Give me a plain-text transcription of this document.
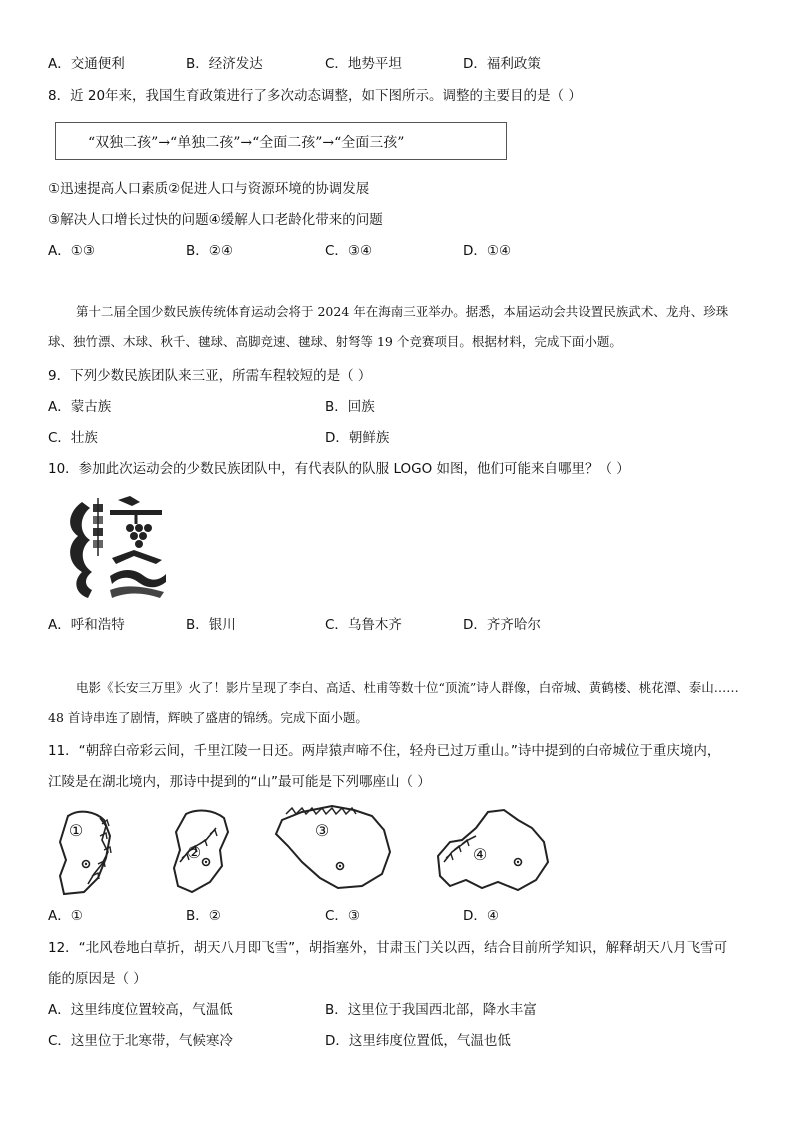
A．交通便利	B．经济发达	C．地势平坦	D．福利政策
8．近 20年来，我国生育政策进行了多次动态调整，如下图所示。调整的主要目的是（ ）
“双独二孩”→“单独二孩”→“全面二孩”→“全面三孩”
①迅速提高人口素质②促进人口与资源环境的协调发展
③解决人口增长过快的问题④缓解人口老龄化带来的问题
A．①③	B．②④	C．③④	D．①④
第十二届全国少数民族传统体育运动会将于 2024 年在海南三亚举办。据悉，本届运动会共设置民族武术、龙舟、珍珠球、独竹漂、木球、秋千、毽球、高脚竞速、毽球、射弩等 19 个竞赛项目。根据材料，完成下面小题。
9．下列少数民族团队来三亚，所需车程较短的是（ ）
A．蒙古族	B．回族
C．壮族	D．朝鲜族
10．参加此次运动会的少数民族团队中，有代表队的队服 LOGO 如图，他们可能来自哪里？（ ）
A．呼和浩特	B．银川	C．乌鲁木齐	D．齐齐哈尔
电影《长安三万里》火了！影片呈现了李白、高适、杜甫等数十位“顶流”诗人群像，白帝城、黄鹤楼、桃花潭、泰山……48 首诗串连了剧情，辉映了盛唐的锦绣。完成下面小题。
11．“朝辞白帝彩云间，千里江陵一日还。两岸猿声啼不住，轻舟已过万重山。”诗中提到的白帝城位于重庆境内，
江陵是在湖北境内，那诗中提到的“山”最可能是下列哪座山（ ）
①
②
③
④
A．①	B．②	C．③	D．④
12．“北风卷地白草折，胡天八月即飞雪”，胡指塞外，甘肃玉门关以西，结合目前所学知识，解释胡天八月飞雪可
能的原因是（ ）
A．这里纬度位置较高，气温低	B．这里位于我国西北部，降水丰富
C．这里位于北寒带，气候寒冷	D．这里纬度位置低，气温也低
